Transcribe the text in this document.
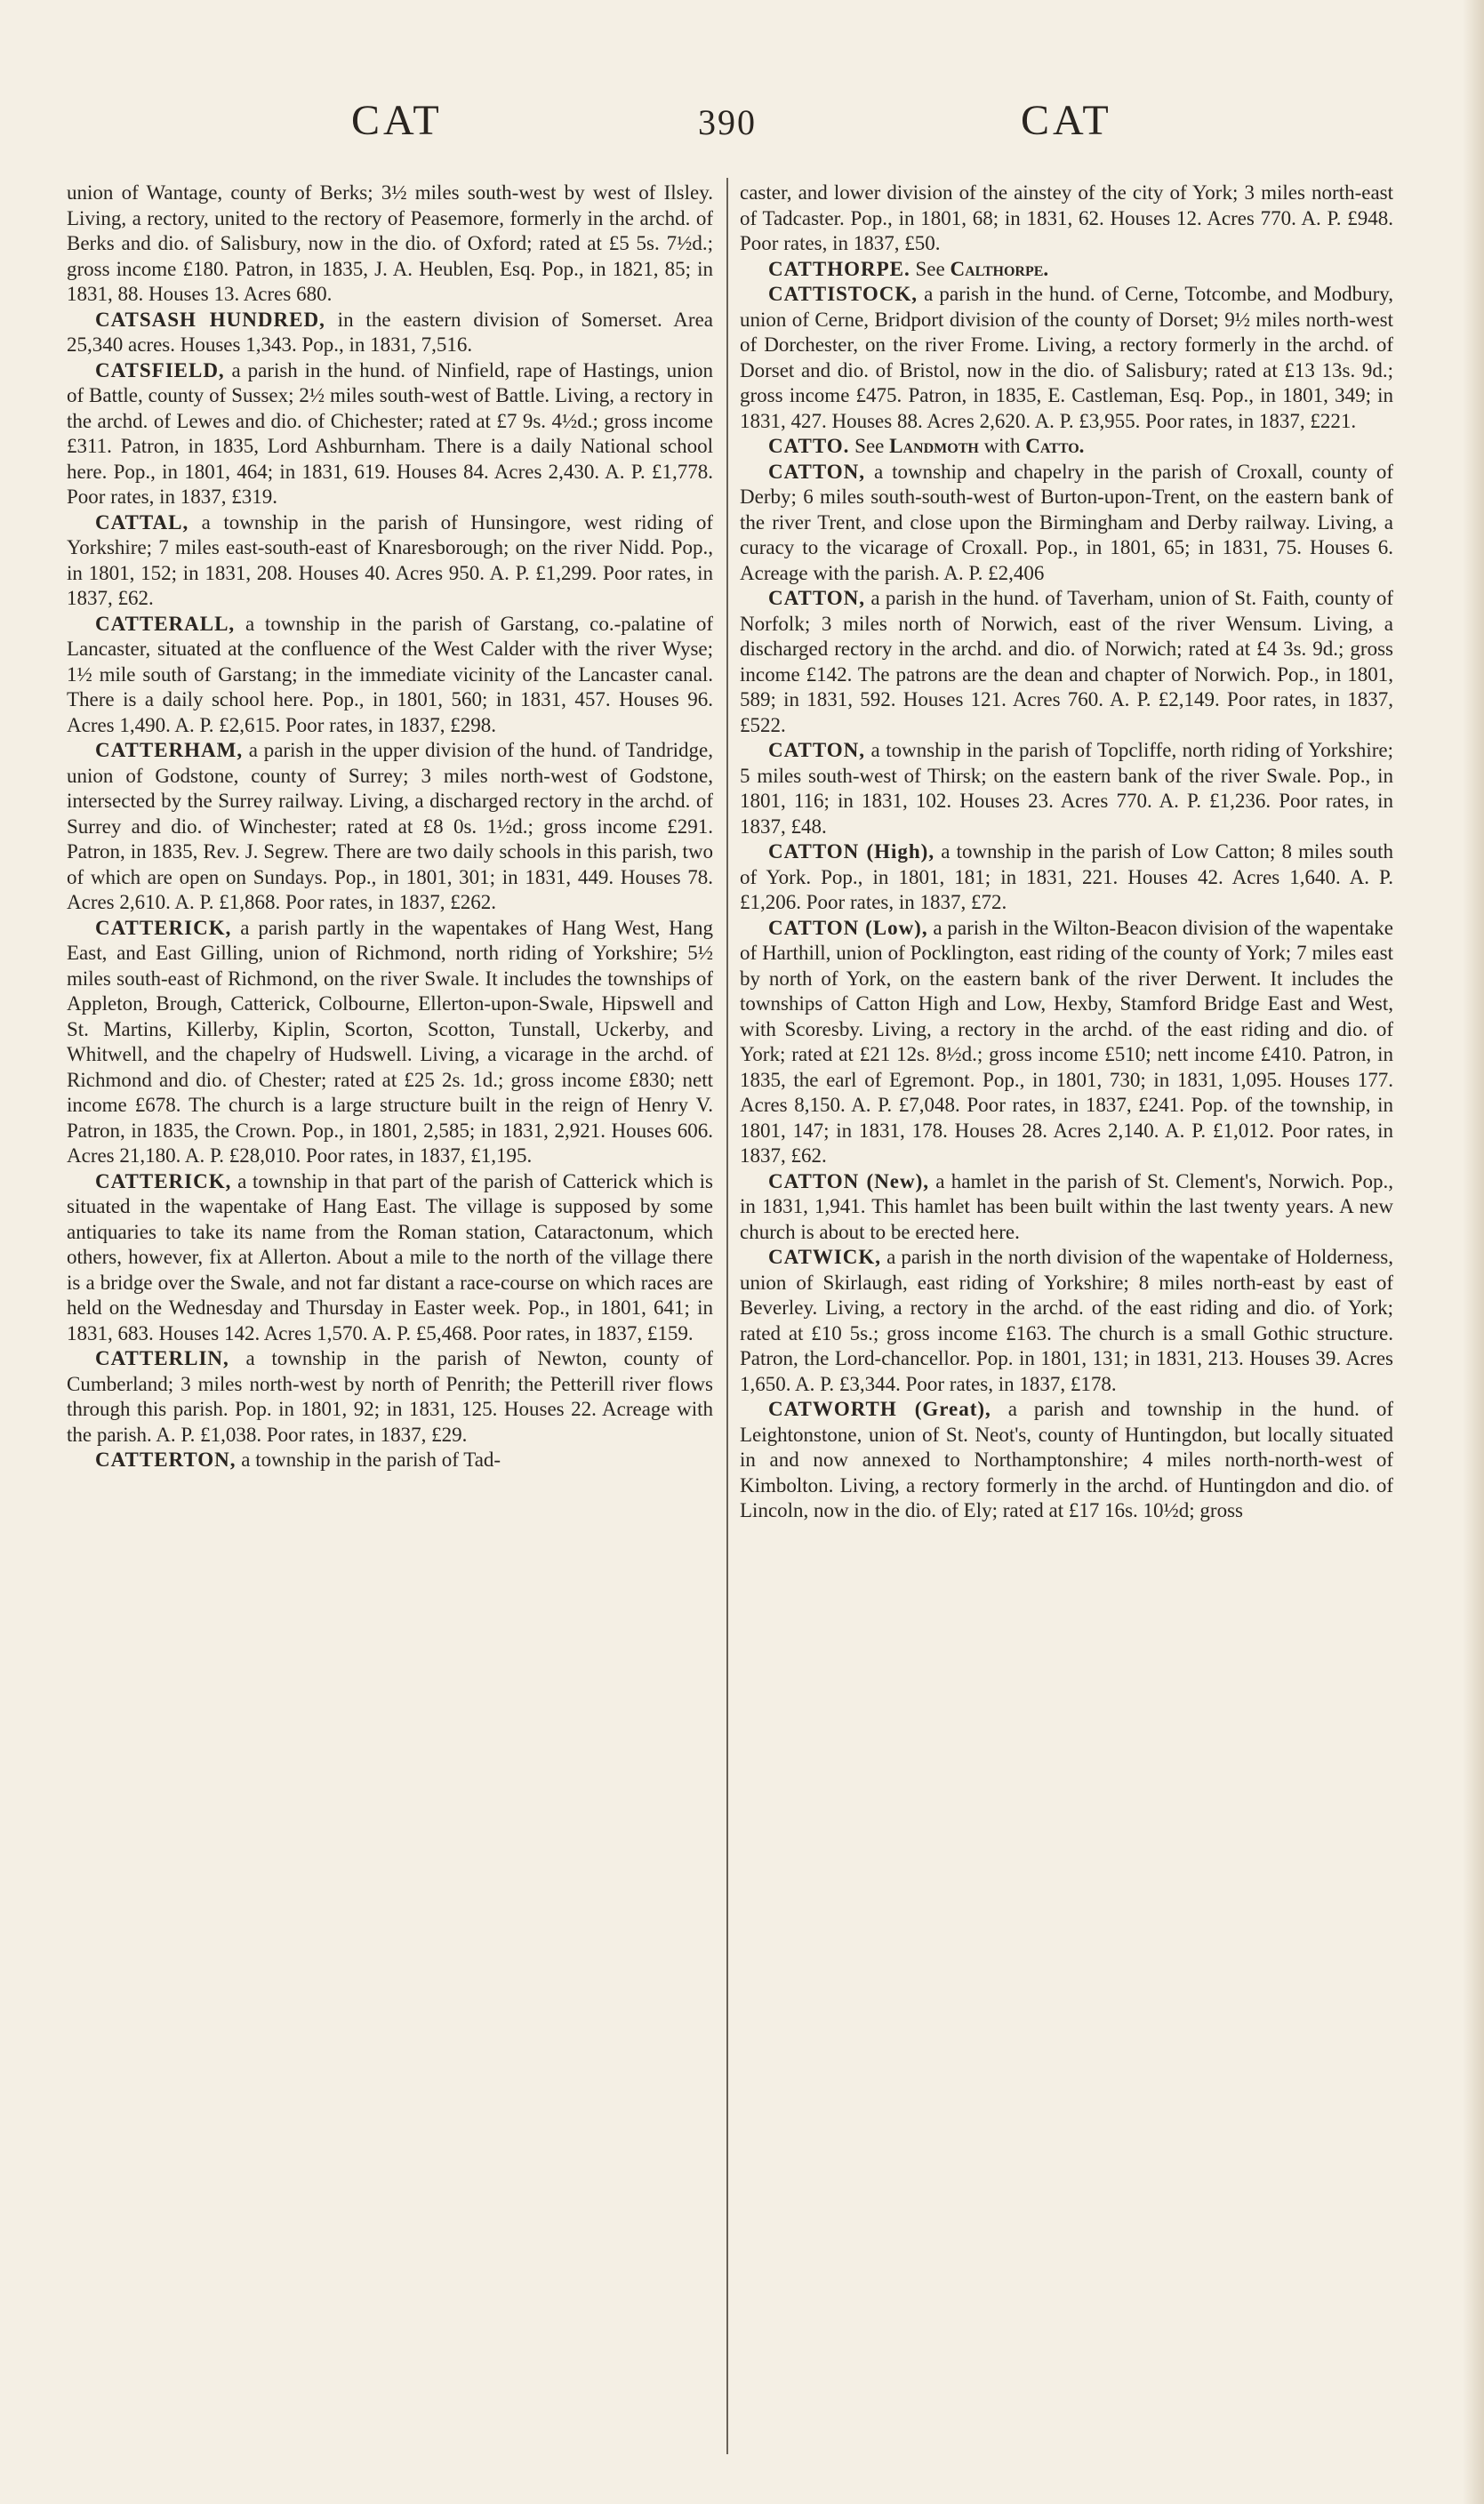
CAT	390	CAT

union of Wantage, county of Berks; 3½ miles south-west by west of Ilsley. Living, a rectory, united to the rectory of Peasemore, formerly in the archd. of Berks and dio. of Salisbury, now in the dio. of Oxford; rated at £5 5s. 7½d.; gross income £180. Patron, in 1835, J. A. Heublen, Esq. Pop., in 1821, 85; in 1831, 88. Houses 13. Acres 680.

CATSASH HUNDRED, in the eastern division of Somerset. Area 25,340 acres. Houses 1,343. Pop., in 1831, 7,516.

CATSFIELD, a parish in the hund. of Ninfield, rape of Hastings, union of Battle, county of Sussex; 2½ miles south-west of Battle. Living, a rectory in the archd. of Lewes and dio. of Chichester; rated at £7 9s. 4½d.; gross income £311. Patron, in 1835, Lord Ashburnham. There is a daily National school here. Pop., in 1801, 464; in 1831, 619. Houses 84. Acres 2,430. A. P. £1,778. Poor rates, in 1837, £319.

CATTAL, a township in the parish of Hunsingore, west riding of Yorkshire; 7 miles east-south-east of Knaresborough; on the river Nidd. Pop., in 1801, 152; in 1831, 208. Houses 40. Acres 950. A. P. £1,299. Poor rates, in 1837, £62.

CATTERALL, a township in the parish of Garstang, co.-palatine of Lancaster, situated at the confluence of the West Calder with the river Wyse; 1½ mile south of Garstang; in the immediate vicinity of the Lancaster canal. There is a daily school here. Pop., in 1801, 560; in 1831, 457. Houses 96. Acres 1,490. A. P. £2,615. Poor rates, in 1837, £298.

CATTERHAM, a parish in the upper division of the hund. of Tandridge, union of Godstone, county of Surrey; 3 miles north-west of Godstone, intersected by the Surrey railway. Living, a discharged rectory in the archd. of Surrey and dio. of Winchester; rated at £8 0s. 1½d.; gross income £291. Patron, in 1835, Rev. J. Segrew. There are two daily schools in this parish, two of which are open on Sundays. Pop., in 1801, 301; in 1831, 449. Houses 78. Acres 2,610. A. P. £1,868. Poor rates, in 1837, £262.

CATTERICK, a parish partly in the wapentakes of Hang West, Hang East, and East Gilling, union of Richmond, north riding of Yorkshire; 5½ miles south-east of Richmond, on the river Swale. It includes the townships of Appleton, Brough, Catterick, Colbourne, Ellerton-upon-Swale, Hipswell and St. Martins, Killerby, Kiplin, Scorton, Scotton, Tunstall, Uckerby, and Whitwell, and the chapelry of Hudswell. Living, a vicarage in the archd. of Richmond and dio. of Chester; rated at £25 2s. 1d.; gross income £830; nett income £678. The church is a large structure built in the reign of Henry V. Patron, in 1835, the Crown. Pop., in 1801, 2,585; in 1831, 2,921. Houses 606. Acres 21,180. A. P. £28,010. Poor rates, in 1837, £1,195.

CATTERICK, a township in that part of the parish of Catterick which is situated in the wapentake of Hang East. The village is supposed by some antiquaries to take its name from the Roman station, Cataractonum, which others, however, fix at Allerton. About a mile to the north of the village there is a bridge over the Swale, and not far distant a race-course on which races are held on the Wednesday and Thursday in Easter week. Pop., in 1801, 641; in 1831, 683. Houses 142. Acres 1,570. A. P. £5,468. Poor rates, in 1837, £159.

CATTERLIN, a township in the parish of Newton, county of Cumberland; 3 miles north-west by north of Penrith; the Petterill river flows through this parish. Pop. in 1801, 92; in 1831, 125. Houses 22. Acreage with the parish. A. P. £1,038. Poor rates, in 1837, £29.

CATTERTON, a township in the parish of Tad-

caster, and lower division of the ainstey of the city of York; 3 miles north-east of Tadcaster. Pop., in 1801, 68; in 1831, 62. Houses 12. Acres 770. A. P. £948. Poor rates, in 1837, £50.

CATTHORPE. See Calthorpe.

CATTISTOCK, a parish in the hund. of Cerne, Totcombe, and Modbury, union of Cerne, Bridport division of the county of Dorset; 9½ miles north-west of Dorchester, on the river Frome. Living, a rectory formerly in the archd. of Dorset and dio. of Bristol, now in the dio. of Salisbury; rated at £13 13s. 9d.; gross income £475. Patron, in 1835, E. Castleman, Esq. Pop., in 1801, 349; in 1831, 427. Houses 88. Acres 2,620. A. P. £3,955. Poor rates, in 1837, £221.

CATTO. See Landmoth with Catto.

CATTON, a township and chapelry in the parish of Croxall, county of Derby; 6 miles south-south-west of Burton-upon-Trent, on the eastern bank of the river Trent, and close upon the Birmingham and Derby railway. Living, a curacy to the vicarage of Croxall. Pop., in 1801, 65; in 1831, 75. Houses 6. Acreage with the parish. A. P. £2,406

CATTON, a parish in the hund. of Taverham, union of St. Faith, county of Norfolk; 3 miles north of Norwich, east of the river Wensum. Living, a discharged rectory in the archd. and dio. of Norwich; rated at £4 3s. 9d.; gross income £142. The patrons are the dean and chapter of Norwich. Pop., in 1801, 589; in 1831, 592. Houses 121. Acres 760. A. P. £2,149. Poor rates, in 1837, £522.

CATTON, a township in the parish of Topcliffe, north riding of Yorkshire; 5 miles south-west of Thirsk; on the eastern bank of the river Swale. Pop., in 1801, 116; in 1831, 102. Houses 23. Acres 770. A. P. £1,236. Poor rates, in 1837, £48.

CATTON (High), a township in the parish of Low Catton; 8 miles south of York. Pop., in 1801, 181; in 1831, 221. Houses 42. Acres 1,640. A. P. £1,206. Poor rates, in 1837, £72.

CATTON (Low), a parish in the Wilton-Beacon division of the wapentake of Harthill, union of Pocklington, east riding of the county of York; 7 miles east by north of York, on the eastern bank of the river Derwent. It includes the townships of Catton High and Low, Hexby, Stamford Bridge East and West, with Scoresby. Living, a rectory in the archd. of the east riding and dio. of York; rated at £21 12s. 8½d.; gross income £510; nett income £410. Patron, in 1835, the earl of Egremont. Pop., in 1801, 730; in 1831, 1,095. Houses 177. Acres 8,150. A. P. £7,048. Poor rates, in 1837, £241. Pop. of the township, in 1801, 147; in 1831, 178. Houses 28. Acres 2,140. A. P. £1,012. Poor rates, in 1837, £62.

CATTON (New), a hamlet in the parish of St. Clement's, Norwich. Pop., in 1831, 1,941. This hamlet has been built within the last twenty years. A new church is about to be erected here.

CATWICK, a parish in the north division of the wapentake of Holderness, union of Skirlaugh, east riding of Yorkshire; 8 miles north-east by east of Beverley. Living, a rectory in the archd. of the east riding and dio. of York; rated at £10 5s.; gross income £163. The church is a small Gothic structure. Patron, the Lord-chancellor. Pop. in 1801, 131; in 1831, 213. Houses 39. Acres 1,650. A. P. £3,344. Poor rates, in 1837, £178.

CATWORTH (Great), a parish and township in the hund. of Leightonstone, union of St. Neot's, county of Huntingdon, but locally situated in and now annexed to Northamptonshire; 4 miles north-north-west of Kimbolton. Living, a rectory formerly in the archd. of Huntingdon and dio. of Lincoln, now in the dio. of Ely; rated at £17 16s. 10½d; gross
